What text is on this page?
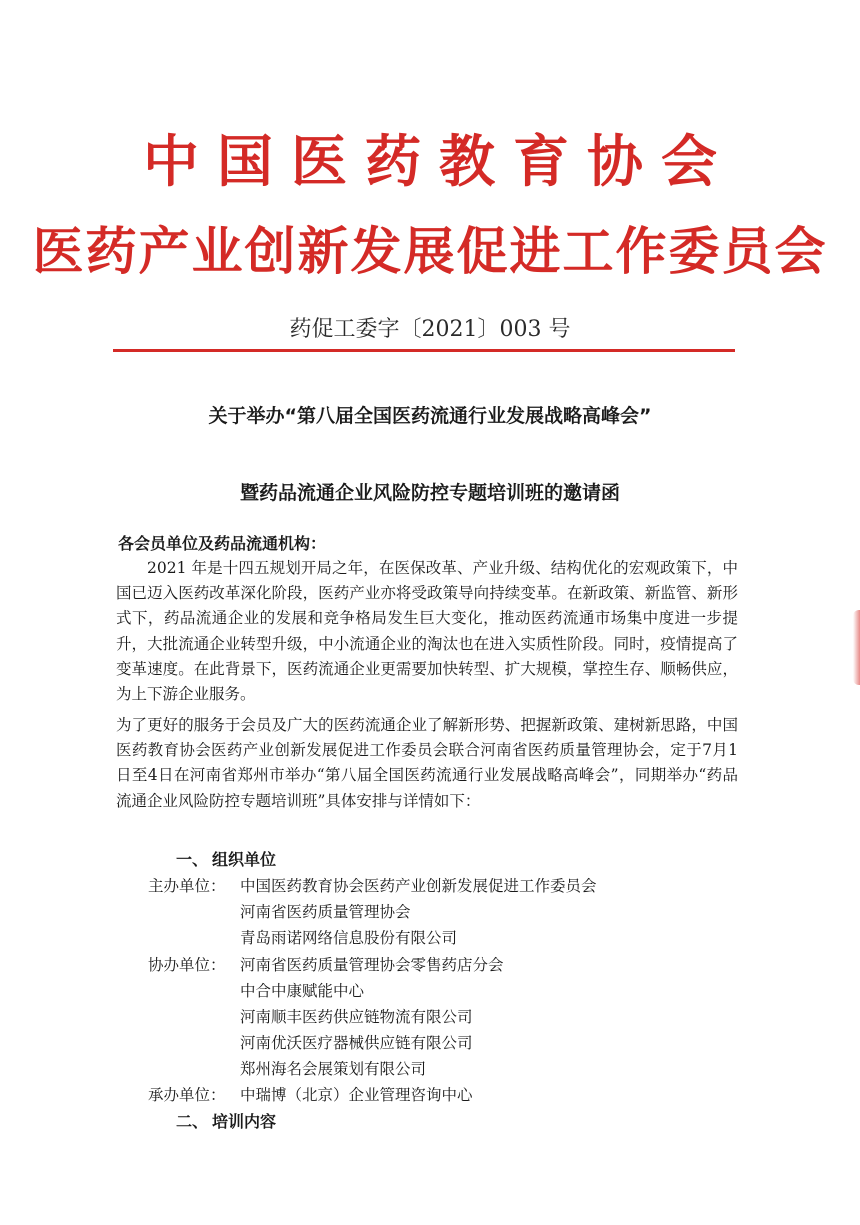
中国医药教育协会
医药产业创新发展促进工作委员会
药促工委字〔2021〕003 号
关于举办“第八届全国医药流通行业发展战略高峰会”
暨药品流通企业风险防控专题培训班的邀请函
各会员单位及药品流通机构：
2021 年是十四五规划开局之年，在医保改革、产业升级、结构优化的宏观政策下，中国已迈入医药改革深化阶段，医药产业亦将受政策导向持续变革。在新政策、新监管、新形式下，药品流通企业的发展和竞争格局发生巨大变化，推动医药流通市场集中度进一步提升，大批流通企业转型升级，中小流通企业的淘汰也在进入实质性阶段。同时，疫情提高了变革速度。在此背景下，医药流通企业更需要加快转型、扩大规模，掌控生存、顺畅供应，为上下游企业服务。
为了更好的服务于会员及广大的医药流通企业了解新形势、把握新政策、建树新思路，中国医药教育协会医药产业创新发展促进工作委员会联合河南省医药质量管理协会，定于7月1日至4日在河南省郑州市举办“第八届全国医药流通行业发展战略高峰会”，同期举办“药品流通企业风险防控专题培训班”具体安排与详情如下：
一、 组织单位
主办单位： 中国医药教育协会医药产业创新发展促进工作委员会
河南省医药质量管理协会
青岛雨诺网络信息股份有限公司
协办单位： 河南省医药质量管理协会零售药店分会
中合中康赋能中心
河南顺丰医药供应链物流有限公司
河南优沃医疗器械供应链有限公司
郑州海名会展策划有限公司
承办单位： 中瑞博（北京）企业管理咨询中心
二、 培训内容
